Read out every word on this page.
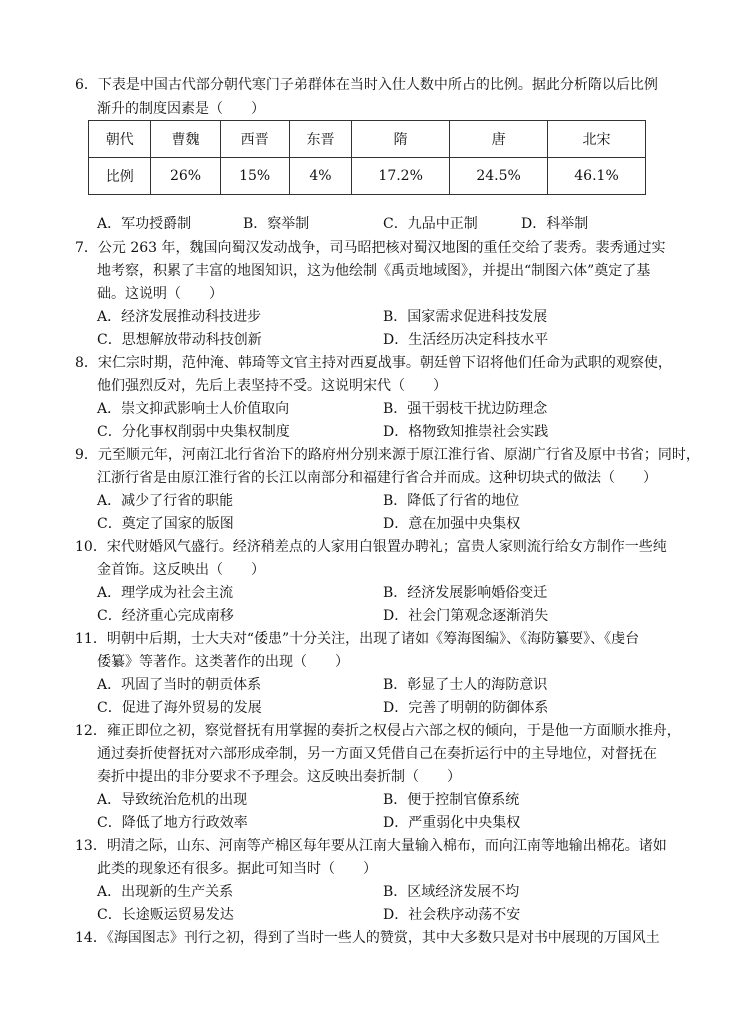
6．下表是中国古代部分朝代寒门子弟群体在当时入仕人数中所占的比例。据此分析隋以后比例
渐升的制度因素是（　　）
朝代	曹魏	西晋	东晋	隋	唐	北宋
比例	26%	15%	4%	17.2%	24.5%	46.1%
A．军功授爵制	B．察举制	C．九品中正制	D．科举制
7．公元 263 年，魏国向蜀汉发动战争，司马昭把核对蜀汉地图的重任交给了裴秀。裴秀通过实
地考察，积累了丰富的地图知识，这为他绘制《禹贡地域图》，并提出“制图六体”奠定了基
础。这说明（　　）
A．经济发展推动科技进步	B．国家需求促进科技发展
C．思想解放带动科技创新	D．生活经历决定科技水平
8．宋仁宗时期，范仲淹、韩琦等文官主持对西夏战事。朝廷曾下诏将他们任命为武职的观察使，
他们强烈反对，先后上表坚持不受。这说明宋代（　　）
A．崇文抑武影响士人价值取向	B．强干弱枝干扰边防理念
C．分化事权削弱中央集权制度	D．格物致知推崇社会实践
9．元至顺元年，河南江北行省治下的路府州分别来源于原江淮行省、原湖广行省及原中书省；同时，
江浙行省是由原江淮行省的长江以南部分和福建行省合并而成。这种切块式的做法（　　）
A．减少了行省的职能	B．降低了行省的地位
C．奠定了国家的版图	D．意在加强中央集权
10．宋代财婚风气盛行。经济稍差点的人家用白银置办聘礼；富贵人家则流行给女方制作一些纯
金首饰。这反映出（　　）
A．理学成为社会主流	B．经济发展影响婚俗变迁
C．经济重心完成南移	D．社会门第观念逐渐消失
11．明朝中后期，士大夫对“倭患”十分关注，出现了诸如《筹海图编》、《海防纂要》、《虔台
倭纂》等著作。这类著作的出现（　　）
A．巩固了当时的朝贡体系	B．彰显了士人的海防意识
C．促进了海外贸易的发展	D．完善了明朝的防御体系
12．雍正即位之初，察觉督抚有用掌握的奏折之权侵占六部之权的倾向，于是他一方面顺水推舟，
通过奏折使督抚对六部形成牵制，另一方面又凭借自己在奏折运行中的主导地位，对督抚在
奏折中提出的非分要求不予理会。这反映出奏折制（　　）
A．导致统治危机的出现	B．便于控制官僚系统
C．降低了地方行政效率	D．严重弱化中央集权
13．明清之际，山东、河南等产棉区每年要从江南大量输入棉布，而向江南等地输出棉花。诸如
此类的现象还有很多。据此可知当时（　　）
A．出现新的生产关系	B．区域经济发展不均
C．长途贩运贸易发达	D．社会秩序动荡不安
14．《海国图志》刊行之初，得到了当时一些人的赞赏，其中大多数只是对书中展现的万国风土
